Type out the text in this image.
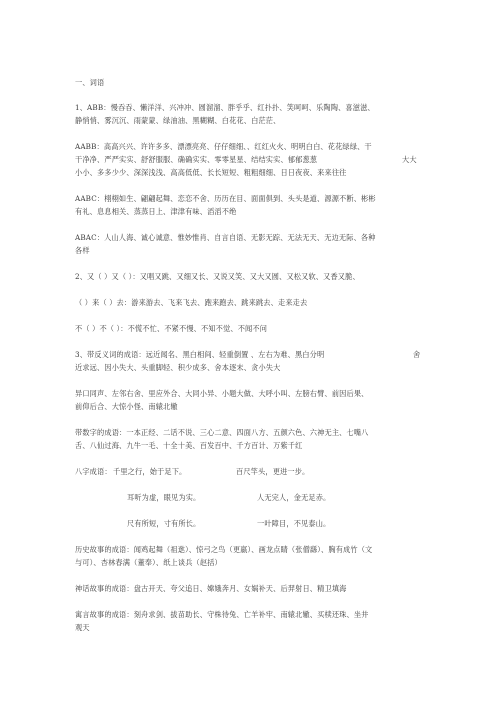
一、词语
1、ABB：慢吞吞、懒洋洋、兴冲冲、圆溜溜、胖乎乎、红扑扑、笑呵呵、乐陶陶、喜滋滋、
静悄悄、雾沉沉、雨蒙蒙、绿油油、黑糊糊、白花花、白茫茫、
AABB：高高兴兴、许许多多、漂漂亮亮、仔仔细细、、红红火火、明明白白、花花绿绿、干
干净净、严严实实、舒舒服服、确确实实、零零星星、结结实实、郁郁葱葱	大大
小小、多多少少、深深浅浅、高高低低、长长短短、粗粗细细、日日夜夜、来来往往
AABC：栩栩如生、翩翩起舞、恋恋不舍、历历在目、面面俱到、头头是道、源源不断、彬彬
有礼、息息相关、蒸蒸日上、津津有味、滔滔不绝
ABAC：人山人海、诚心诚意、惟妙惟肖、自言自语、无影无踪、无法无天、无边无际、各种
各样
2、又（ ）又（ ）：又唱又跳、又细又长、又说又笑、又大又圆、又松又软、又香又脆、
（ ）来（ ）去：游来游去、飞来飞去、跑来跑去、跳来跳去、走来走去
不（ ）不（ ）：不慌不忙、不紧不慢、不知不觉、不闻不问
3、带反义词的成语：远近闻名、黑白相间、轻重倒置 、左右为难、黑白分明	舍
近求远、因小失大、头重脚轻、积少成多、舍本逐末、贪小失大
异口同声、左邻右舍、里应外合、大同小异、小题大做、大呼小叫、左膀右臂、前因后果、
前仰后合、大惊小怪、南辕北辙
带数字的成语：一本正经、二话不说、三心二意、四面八方、五颜六色、六神无主、七嘴八
舌、八仙过海、九牛一毛、十全十美、百发百中、千方百计、万紫千红
八字成语： 千里之行，始于足下。	百尺竿头，更进一步。
耳听为虚，眼见为实。	人无完人，金无足赤。
尺有所短，寸有所长。	一叶障目，不见泰山。
历史故事的成语：闻鸡起舞（祖逖）、惊弓之鸟（更嬴）、画龙点睛（张僧繇）、胸有成竹（文
与可）、杏林春满（董奉）、纸上谈兵（赵括）
神话故事的成语：盘古开天、夸父追日、嫦娥奔月、女娲补天、后羿射日、精卫填海
寓言故事的成语：刻舟求剑、拔苗助长、守株待兔、亡羊补牢、南辕北辙、买椟还珠、坐井
观天
